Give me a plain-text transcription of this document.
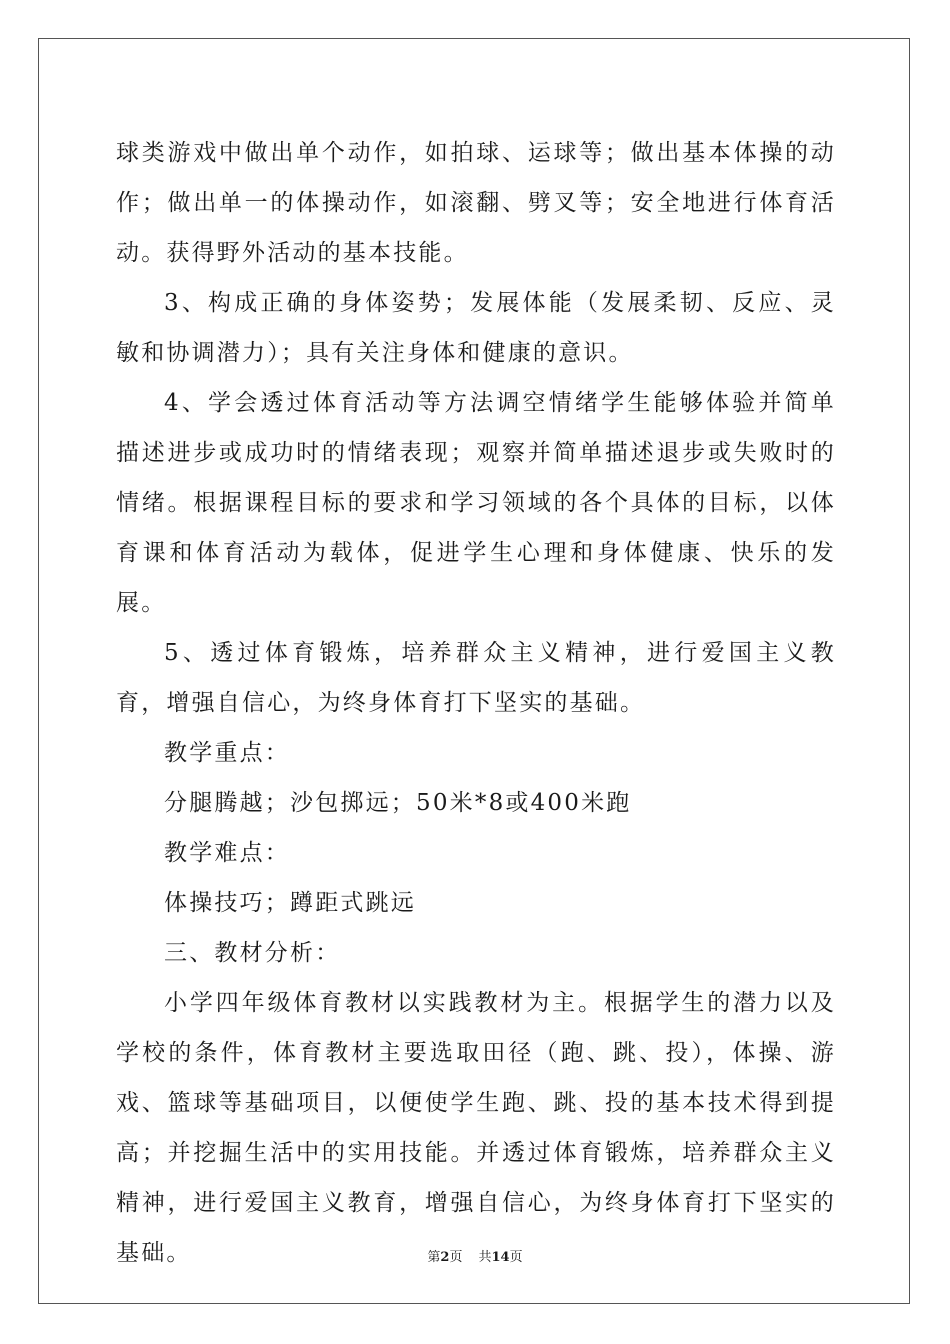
球类游戏中做出单个动作，如拍球、运球等；做出基本体操的动作；做出单一的体操动作，如滚翻、劈叉等；安全地进行体育活动。获得野外活动的基本技能。

3、构成正确的身体姿势；发展体能（发展柔韧、反应、灵敏和协调潜力）；具有关注身体和健康的意识。

4、学会透过体育活动等方法调空情绪学生能够体验并简单描述进步或成功时的情绪表现；观察并简单描述退步或失败时的情绪。根据课程目标的要求和学习领域的各个具体的目标，以体育课和体育活动为载体，促进学生心理和身体健康、快乐的发展。

5、透过体育锻炼，培养群众主义精神，进行爱国主义教育，增强自信心，为终身体育打下坚实的基础。

教学重点：

分腿腾越；沙包掷远；50米*8或400米跑

教学难点：

体操技巧；蹲距式跳远

三、教材分析：

小学四年级体育教材以实践教材为主。根据学生的潜力以及学校的条件，体育教材主要选取田径（跑、跳、投），体操、游戏、篮球等基础项目，以便使学生跑、跳、投的基本技术得到提高；并挖掘生活中的实用技能。并透过体育锻炼，培养群众主义精神，进行爱国主义教育，增强自信心，为终身体育打下坚实的基础。	第2页 共14页
